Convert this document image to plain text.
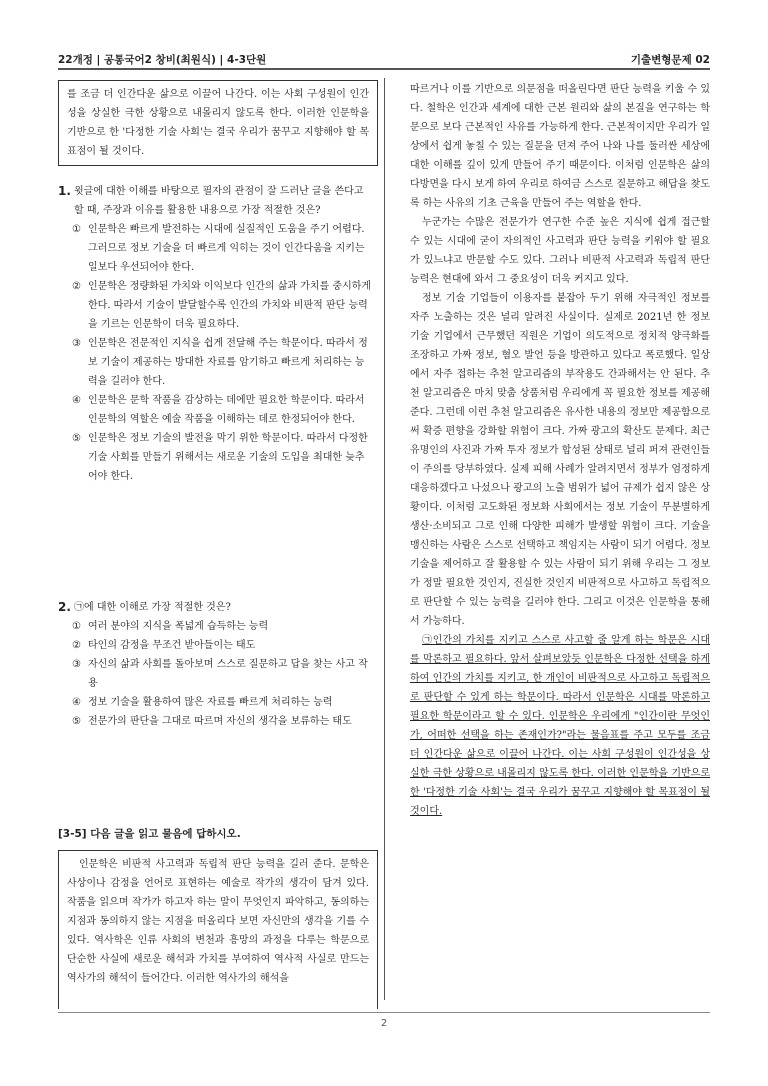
22개정 | 공통국어2 창비(최원식) | 4-3단원	기출변형문제 02

를 조금 더 인간다운 삶으로 이끌어 나간다. 이는 사회 구성원이 인간성을 상실한 극한 상황으로 내몰리지 않도록 한다. 이러한 인문학을 기반으로 한 '다정한 기술 사회'는 결국 우리가 꿈꾸고 지향해야 할 목표점이 될 것이다.

1. 윗글에 대한 이해를 바탕으로 필자의 관점이 잘 드러난 글을 쓴다고 할 때, 주장과 이유를 활용한 내용으로 가장 적절한 것은?
① 인문학은 빠르게 발전하는 시대에 실질적인 도움을 주기 어렵다. 그러므로 정보 기술을 더 빠르게 익히는 것이 인간다움을 지키는 일보다 우선되어야 한다.
② 인문학은 정량화된 가치와 이익보다 인간의 삶과 가치를 중시하게 한다. 따라서 기술이 발달할수록 인간의 가치와 비판적 판단 능력을 기르는 인문학이 더욱 필요하다.
③ 인문학은 전문적인 지식을 쉽게 전달해 주는 학문이다. 따라서 정보 기술이 제공하는 방대한 자료를 암기하고 빠르게 처리하는 능력을 길러야 한다.
④ 인문학은 문학 작품을 감상하는 데에만 필요한 학문이다. 따라서 인문학의 역할은 예술 작품을 이해하는 데로 한정되어야 한다.
⑤ 인문학은 정보 기술의 발전을 막기 위한 학문이다. 따라서 다정한 기술 사회를 만들기 위해서는 새로운 기술의 도입을 최대한 늦추어야 한다.
2. ㉠에 대한 이해로 가장 적절한 것은?
① 여러 분야의 지식을 폭넓게 습득하는 능력
② 타인의 감정을 무조건 받아들이는 태도
③ 자신의 삶과 사회를 돌아보며 스스로 질문하고 답을 찾는 사고 작용
④ 정보 기술을 활용하여 많은 자료를 빠르게 처리하는 능력
⑤ 전문가의 판단을 그대로 따르며 자신의 생각을 보류하는 태도
[3-5] 다음 글을 읽고 물음에 답하시오.

인문학은 비판적 사고력과 독립적 판단 능력을 길러 준다. 문학은 사상이나 감정을 언어로 표현하는 예술로 작가의 생각이 담겨 있다. 작품을 읽으며 작가가 하고자 하는 말이 무엇인지 파악하고, 동의하는 지점과 동의하지 않는 지점을 떠올리다 보면 자신만의 생각을 기를 수 있다. 역사학은 인류 사회의 변천과 흥망의 과정을 다루는 학문으로 단순한 사실에 새로운 해석과 가치를 부여하여 역사적 사실로 만드는 역사가의 해석이 들어간다. 이러한 역사가의 해석을

따르거나 이를 기반으로 의문점을 떠올린다면 판단 능력을 키울 수 있다. 철학은 인간과 세계에 대한 근본 원리와 삶의 본질을 연구하는 학문으로 보다 근본적인 사유를 가능하게 한다. 근본적이지만 우리가 일상에서 쉽게 놓칠 수 있는 질문을 던져 주어 나와 나를 둘러싼 세상에 대한 이해를 깊이 있게 만들어 주기 때문이다. 이처럼 인문학은 삶의 다방면을 다시 보게 하여 우리로 하여금 스스로 질문하고 해답을 찾도록 하는 사유의 기초 근육을 만들어 주는 역할을 한다.

누군가는 수많은 전문가가 연구한 수준 높은 지식에 쉽게 접근할 수 있는 시대에 굳이 자의적인 사고력과 판단 능력을 키워야 할 필요가 있느냐고 반문할 수도 있다. 그러나 비판적 사고력과 독립적 판단 능력은 현대에 와서 그 중요성이 더욱 커지고 있다.

정보 기술 기업들이 이용자를 붙잡아 두기 위해 자극적인 정보를 자주 노출하는 것은 널리 알려진 사실이다. 실제로 2021년 한 정보 기술 기업에서 근무했던 직원은 기업이 의도적으로 정치적 양극화를 조장하고 가짜 정보, 혐오 발언 등을 방관하고 있다고 폭로했다. 일상에서 자주 접하는 추천 알고리즘의 부작용도 간과해서는 안 된다. 추천 알고리즘은 마치 맞춤 상품처럼 우리에게 꼭 필요한 정보를 제공해 준다. 그런데 이런 추천 알고리즘은 유사한 내용의 정보만 제공함으로써 확증 편향을 강화할 위험이 크다. 가짜 광고의 확산도 문제다. 최근 유명인의 사진과 가짜 투자 정보가 합성된 상태로 널리 퍼져 관련인들이 주의를 당부하였다. 실제 피해 사례가 알려지면서 정부가 엄정하게 대응하겠다고 나섰으나 광고의 노출 범위가 넓어 규제가 쉽지 않은 상황이다. 이처럼 고도화된 정보화 사회에서는 정보 기술이 무분별하게 생산·소비되고 그로 인해 다양한 피해가 발생할 위험이 크다. 기술을 맹신하는 사람은 스스로 선택하고 책임지는 사람이 되기 어렵다. 정보 기술을 제어하고 잘 활용할 수 있는 사람이 되기 위해 우리는 그 정보가 정말 필요한 것인지, 진실한 것인지 비판적으로 사고하고 독립적으로 판단할 수 있는 능력을 길러야 한다. 그리고 이것은 인문학을 통해서 가능하다.

㉠인간의 가치를 지키고 스스로 사고할 줄 알게 하는 학문은 시대를 막론하고 필요하다. 앞서 살펴보았듯 인문학은 다정한 선택을 하게 하여 인간의 가치를 지키고, 한 개인이 비판적으로 사고하고 독립적으로 판단할 수 있게 하는 학문이다. 따라서 인문학은 시대를 막론하고 필요한 학문이라고 할 수 있다. 인문학은 우리에게 "인간이란 무엇인가, 어떠한 선택을 하는 존재인가?"라는 물음표를 주고 모두를 조금 더 인간다운 삶으로 이끌어 나간다. 이는 사회 구성원이 인간성을 상실한 극한 상황으로 내몰리지 않도록 한다. 이러한 인문학을 기반으로 한 '다정한 기술 사회'는 결국 우리가 꿈꾸고 지향해야 할 목표점이 될 것이다.

2
